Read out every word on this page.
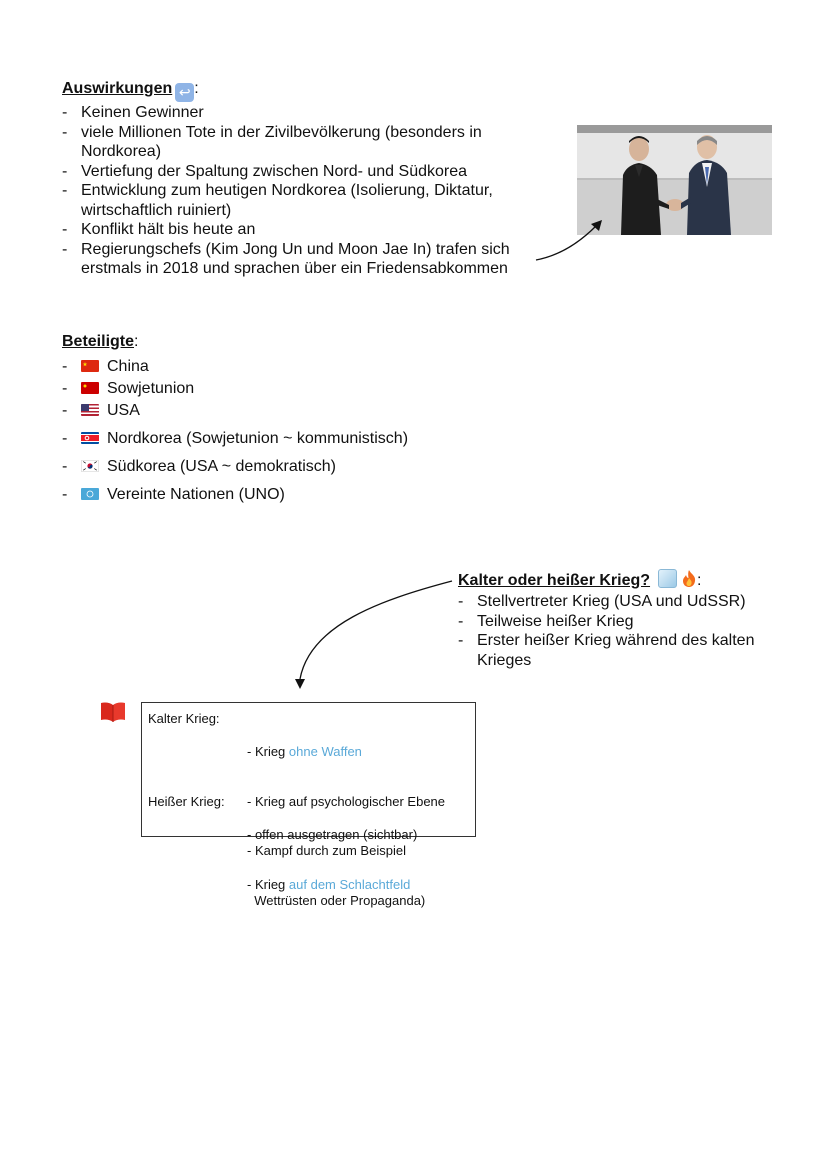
Auswirkungen ↩ :
- Keinen Gewinner
- viele Millionen Tote in der Zivilbevölkerung (besonders in Nordkorea)
- Vertiefung der Spaltung zwischen Nord- und Südkorea
- Entwicklung zum heutigen Nordkorea (Isolierung, Diktatur, wirtschaftlich ruiniert)
- Konflikt hält bis heute an
- Regierungschefs (Kim Jong Un und Moon Jae In) trafen sich erstmals in 2018 und sprachen über ein Friedensabkommen
Beteiligte:
- China
- Sowjetunion
- USA
- Nordkorea (Sowjetunion ~ kommunistisch)
- Südkorea (USA ~ demokratisch)
- Vereinte Nationen (UNO)
Kalter oder heißer Krieg?	:
- Stellvertreter Krieg (USA und UdSSR)
- Teilweise heißer Krieg
- Erster heißer Krieg während des kalten Krieges
Kalter Krieg:

- Krieg ohne Waffen

- Krieg auf psychologischer Ebene

- Kampf durch zum Beispiel

Wettrüsten oder Propaganda)

Heißer Krieg:

- offen ausgetragen (sichtbar)

- Krieg auf dem Schlachtfeld
